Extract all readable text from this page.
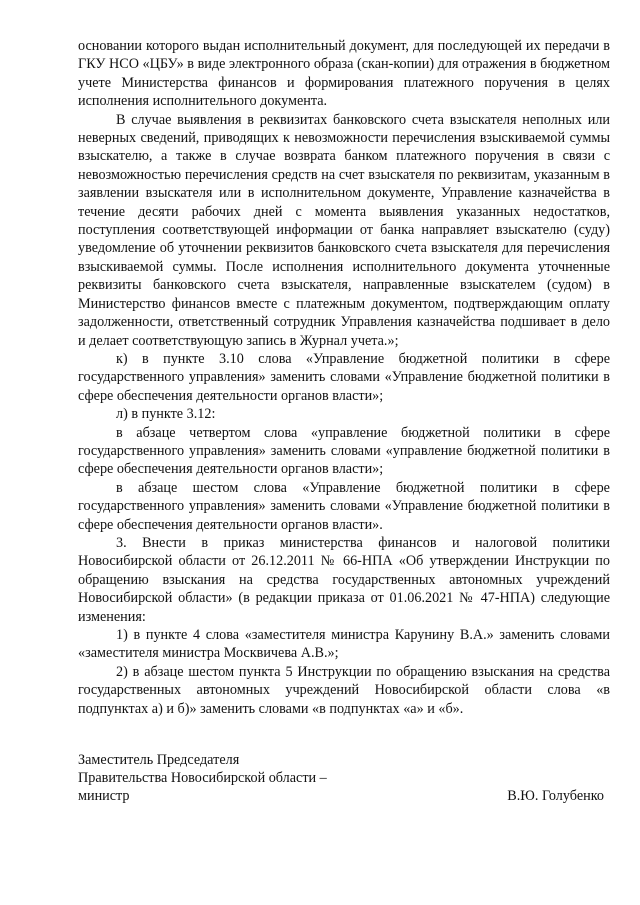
основании которого выдан исполнительный документ, для последующей их передачи в ГКУ НСО «ЦБУ» в виде электронного образа (скан-копии) для отражения в бюджетном учете Министерства финансов и формирования платежного поручения в целях исполнения исполнительного документа.

В случае выявления в реквизитах банковского счета взыскателя неполных или неверных сведений, приводящих к невозможности перечисления взыскиваемой суммы взыскателю, а также в случае возврата банком платежного поручения в связи с невозможностью перечисления средств на счет взыскателя по реквизитам, указанным в заявлении взыскателя или в исполнительном документе, Управление казначейства в течение десяти рабочих дней с момента выявления указанных недостатков, поступления соответствующей информации от банка направляет взыскателю (суду) уведомление об уточнении реквизитов банковского счета взыскателя для перечисления взыскиваемой суммы. После исполнения исполнительного документа уточненные реквизиты банковского счета взыскателя, направленные взыскателем (судом) в Министерство финансов вместе с платежным документом, подтверждающим оплату задолженности, ответственный сотрудник Управления казначейства подшивает в дело и делает соответствующую запись в Журнал учета.»;

к) в пункте 3.10 слова «Управление бюджетной политики в сфере государственного управления» заменить словами «Управление бюджетной политики в сфере обеспечения деятельности органов власти»;

л) в пункте 3.12:

в абзаце четвертом слова «управление бюджетной политики в сфере государственного управления» заменить словами «управление бюджетной политики в сфере обеспечения деятельности органов власти»;

в абзаце шестом слова «Управление бюджетной политики в сфере государственного управления» заменить словами «Управление бюджетной политики в сфере обеспечения деятельности органов власти».

3. Внести в приказ министерства финансов и налоговой политики Новосибирской области от 26.12.2011 № 66-НПА «Об утверждении Инструкции по обращению взыскания на средства государственных автономных учреждений Новосибирской области» (в редакции приказа от 01.06.2021 № 47-НПА) следующие изменения:

1) в пункте 4 слова «заместителя министра Карунину В.А.» заменить словами «заместителя министра Москвичева А.В.»;

2) в абзаце шестом пункта 5 Инструкции по обращению взыскания на средства государственных автономных учреждений Новосибирской области слова «в подпунктах а) и б)» заменить словами «в подпунктах «а» и «б».

Заместитель Председателя
Правительства Новосибирской области –
министр	В.Ю. Голубенко
